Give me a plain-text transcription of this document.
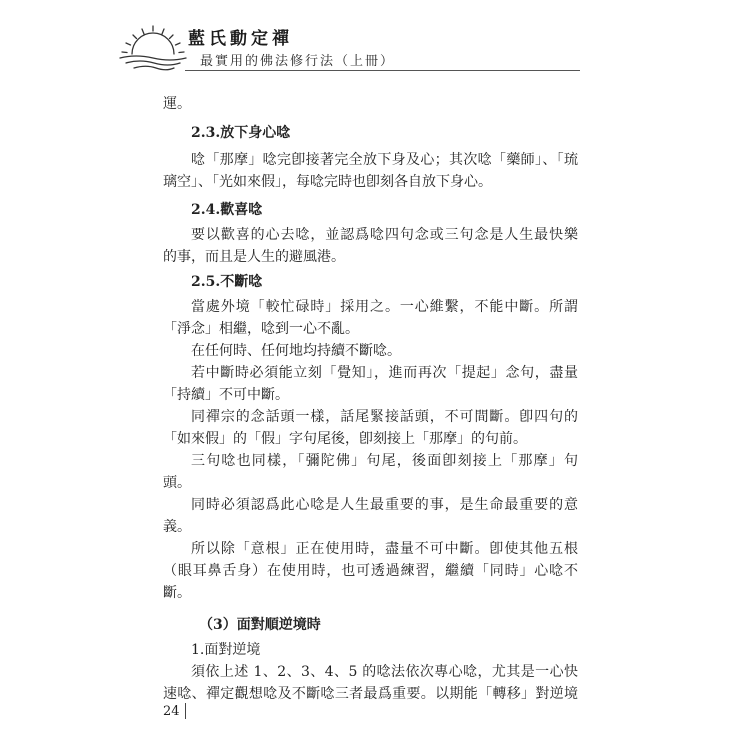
藍氏動定禪
最實用的佛法修行法（上冊）
運。
2.3.放下身心唸
唸「那摩」唸完卽接著完全放下身及心；其次唸「藥師」、「琉
璃空」、「光如來假」，每唸完時也卽刻各自放下身心。
2.4.歡喜唸
要以歡喜的心去唸，並認爲唸四句念或三句念是人生最快樂
的事，而且是人生的避風港。
2.5.不斷唸
當處外境「較忙碌時」採用之。一心維繫，不能中斷。所謂
「淨念」相繼，唸到一心不亂。
在任何時、任何地均持續不斷唸。
若中斷時必須能立刻「覺知」，進而再次「提起」念句，盡量
「持續」不可中斷。
同禪宗的念話頭一樣，話尾緊接話頭，不可間斷。卽四句的
「如來假」的「假」字句尾後，卽刻接上「那摩」的句前。
三句唸也同樣，「彌陀佛」句尾，後面卽刻接上「那摩」句
頭。
同時必須認爲此心唸是人生最重要的事，是生命最重要的意
義。
所以除「意根」正在使用時，盡量不可中斷。卽使其他五根
（眼耳鼻舌身）在使用時，也可透過練習，繼續「同時」心唸不
斷。
（3）面對順逆境時
1.面對逆境
須依上述 1、2、3、4、5 的唸法依次專心唸，尤其是一心快
速唸、禪定觀想唸及不斷唸三者最爲重要。以期能「轉移」對逆境
24
